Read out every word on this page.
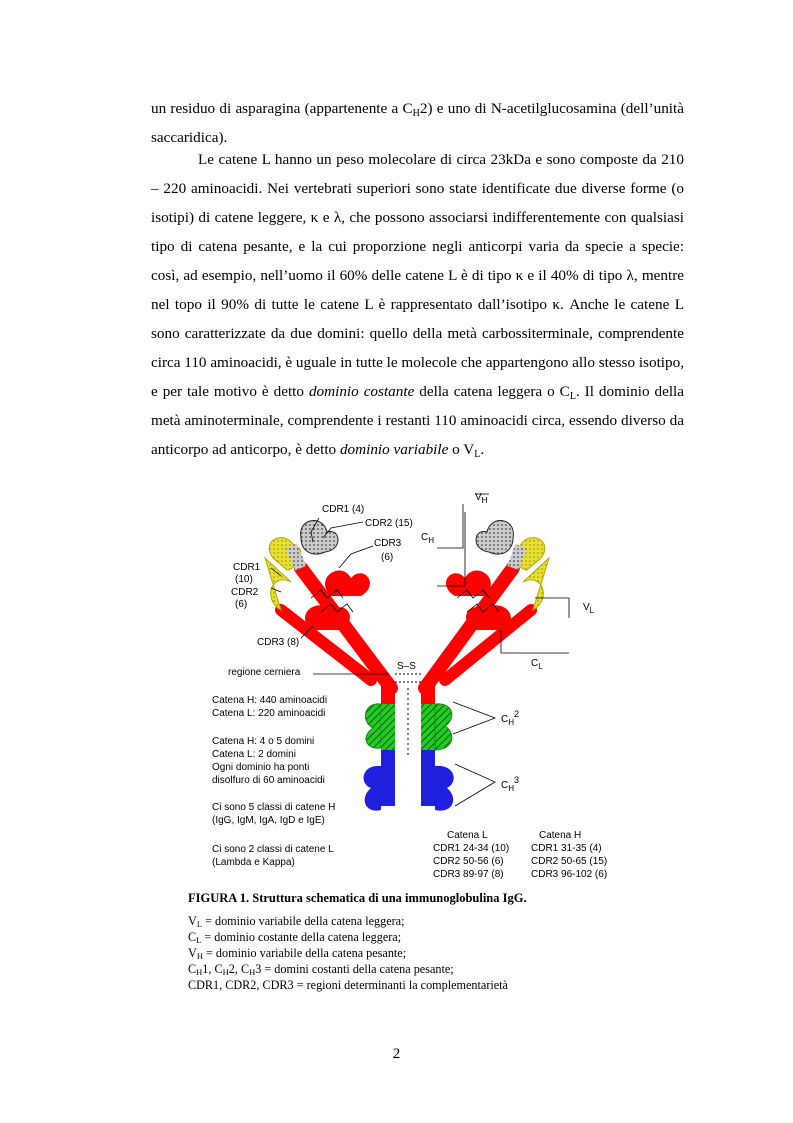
un residuo di asparagina (appartenente a $C_H2$) e uno di N-acetilglucosamina (dell’unità saccaridica).

Le catene L hanno un peso molecolare di circa 23kDa e sono composte da 210 – 220 aminoacidi. Nei vertebrati superiori sono state identificate due diverse forme (o isotipi) di catene leggere, κ e λ, che possono associarsi indifferentemente con qualsiasi tipo di catena pesante, e la cui proporzione negli anticorpi varia da specie a specie: così, ad esempio, nell’uomo il 60% delle catene L è di tipo κ e il 40% di tipo λ, mentre nel topo il 90% di tutte le catene L è rappresentato dall’isotipo κ. Anche le catene L sono caratterizzate da due domini: quello della metà carbossiterminale, comprendente circa 110 aminoacidi, è uguale in tutte le molecole che appartengono allo stesso isotipo, e per tale motivo è detto dominio costante della catena leggera o $C_L$. Il dominio della metà aminoterminale, comprendente i restanti 110 aminoacidi circa, essendo diverso da anticorpo ad anticorpo, è detto dominio variabile o $V_L$.

S–S
CDR1 (4)
CDR2 (15)
CDR3
(6)
CDR1
(10)
CDR2
(6)
CDR3 (8)
$V_H$
$C_H$
$V_L$
$C_L$
regione cerniera
$C_H2$
$C_H3$
Catena H: 440 aminoacidi
Catena L: 220 aminoacidi
Catena H: 4 o 5 domini
Catena L: 2 domini
Ogni dominio ha ponti
disolfuro di 60 aminoacidi
Ci sono 5 classi di catene H
(IgG, IgM, IgA, IgD e IgE)
Ci sono 2 classi di catene L
(Lambda e Kappa)
Catena L	Catena H
CDR1 24-34 (10)
CDR2 50-56 (6)
CDR3 89-97 (8)
CDR1 31-35 (4)
CDR2 50-65 (15)
CDR3 96-102 (6)
FIGURA 1. Struttura schematica di una immunoglobulina IgG.
$V_L$ = dominio variabile della catena leggera;
$C_L$ = dominio costante della catena leggera;
$V_H$ = dominio variabile della catena pesante;
$C_H1$, $C_H2$, $C_H3 = domini$ costanti della catena pesante;
CDR1, CDR2, CDR3 = regioni determinanti la complementarietà
2
